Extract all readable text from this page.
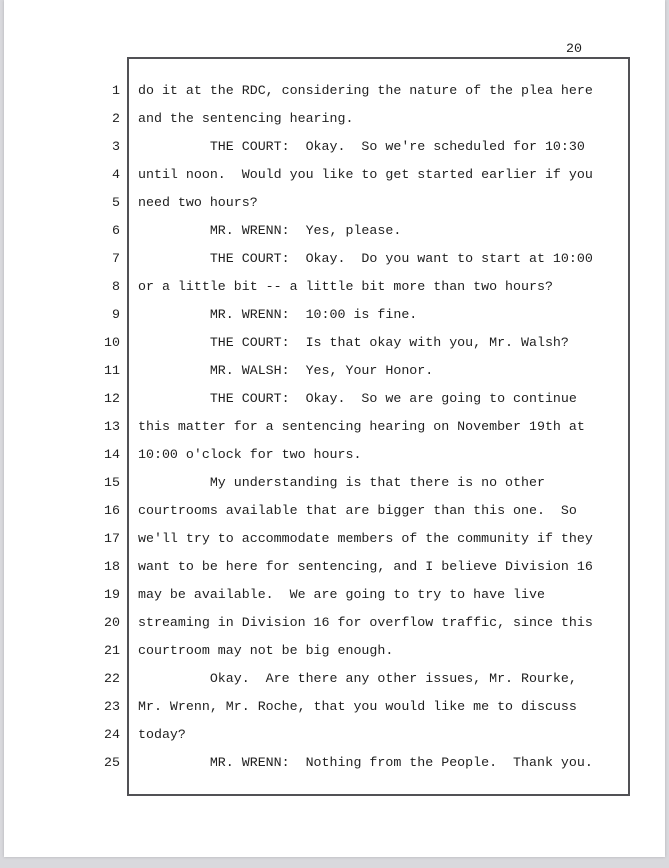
20
1
2
3
4
5
6
7
8
9
10
11
12
13
14
15
16
17
18
19
20
21
22
23
24
25
do it at the RDC, considering the nature of the plea here
and the sentencing hearing.
THE COURT:  Okay.  So we're scheduled for 10:30
until noon.  Would you like to get started earlier if you
need two hours?
MR. WRENN:  Yes, please.
THE COURT:  Okay.  Do you want to start at 10:00
or a little bit -- a little bit more than two hours?
MR. WRENN:  10:00 is fine.
THE COURT:  Is that okay with you, Mr. Walsh?
MR. WALSH:  Yes, Your Honor.
THE COURT:  Okay.  So we are going to continue
this matter for a sentencing hearing on November 19th at
10:00 o'clock for two hours.
My understanding is that there is no other
courtrooms available that are bigger than this one.  So
we'll try to accommodate members of the community if they
want to be here for sentencing, and I believe Division 16
may be available.  We are going to try to have live
streaming in Division 16 for overflow traffic, since this
courtroom may not be big enough.
Okay.  Are there any other issues, Mr. Rourke,
Mr. Wrenn, Mr. Roche, that you would like me to discuss
today?
MR. WRENN:  Nothing from the People.  Thank you.
